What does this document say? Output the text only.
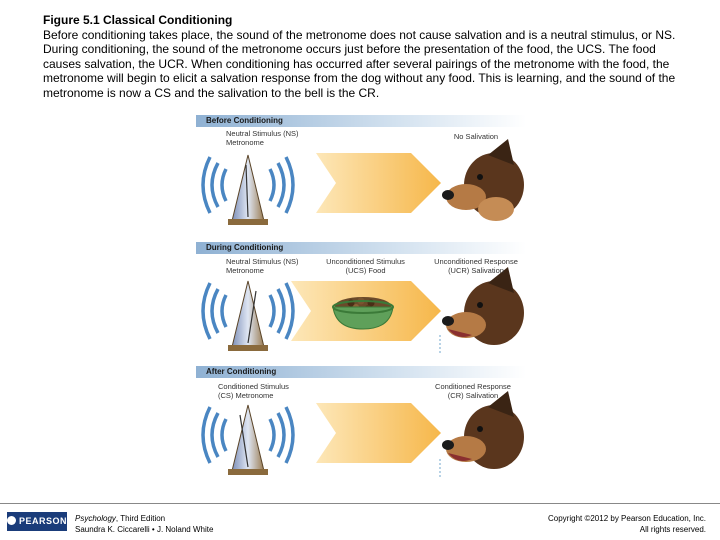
Figure 5.1 Classical Conditioning
Before conditioning takes place, the sound of the metronome does not cause salvation and is a neutral stimulus, or NS. During conditioning, the sound of the metronome occurs just before the presentation of the food, the UCS. The food causes salvation, the UCR. When conditioning has occurred after several pairings of the metronome with the food, the metronome will begin to elicit a salvation response from the dog without any food. This is learning, and the sound of the metronome is now a CS and the salivation to the bell is the CR.
Before Conditioning
Neutral Stimulus (NS) Metronome
No Salivation
During Conditioning
Neutral Stimulus (NS) Metronome
Unconditioned Stimulus (UCS) Food
Unconditioned Response (UCR) Salivation
After Conditioning
Conditioned Stimulus (CS) Metronome
Conditioned Response (CR) Salivation
PEARSON Psychology, Third Edition
Saundra K. Ciccarelli • J. Noland White
Copyright ©2012 by Pearson Education, Inc.
All rights reserved.
